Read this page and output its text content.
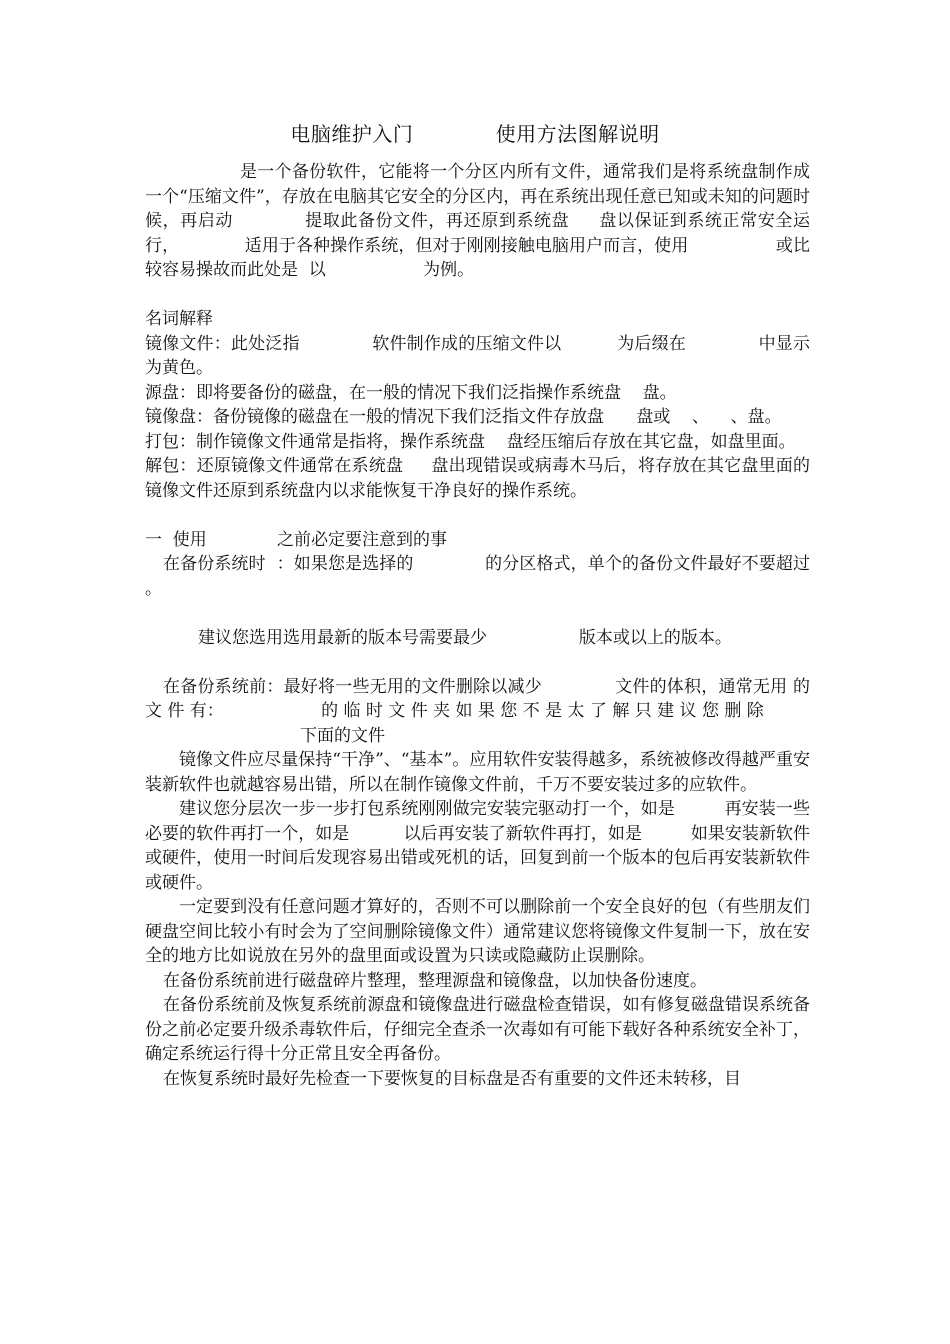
电脑维护入门            使用方法图解说明

是一个备份软件，它能将一个分区内所有文件，通常我们是将系统盘制作成一个“压缩文件”，存放在电脑其它安全的分区内，再在系统出现任意已知或未知的问题时候，再启动            提取此备份文件，再还原到系统盘     盘以保证到系统正常安全运行，            适用于各种操作系统，但对于刚刚接触电脑用户而言，使用                或比较容易操故而此处是  以                  为例。

名词解释

镜像文件：此处泛指             软件制作成的压缩文件以          为后缀在             中显示为黄色。

源盘：即将要备份的磁盘，在一般的情况下我们泛指操作系统盘    盘。

镜像盘：备份镜像的磁盘在一般的情况下我们泛指文件存放盘      盘或    、    、盘。

打包：制作镜像文件通常是指将，操作系统盘    盘经压缩后存放在其它盘，如盘里面。

解包：还原镜像文件通常在系统盘     盘出现错误或病毒木马后，将存放在其它盘里面的镜像文件还原到系统盘内以求能恢复干净良好的操作系统。

一  使用             之前必定要注意到的事

在备份系统时  ：如果您是选择的             的分区格式，单个的备份文件最好不要超过        。

建议您选用选用最新的版本号需要最少                 版本或以上的版本。

在备份系统前：最好将一些无用的文件删除以减少             文件的体积，通常无用 的 文 件 有：                  的 临 时 文 件 夹 如 果 您 不 是 太 了 解 只 建 议 您 删 除

下面的文件

镜像文件应尽量保持“干净”、“基本”。应用软件安装得越多，系统被修改得越严重安装新软件也就越容易出错，所以在制作镜像文件前，千万不要安装过多的应软件。

建议您分层次一步一步打包系统刚刚做完安装完驱动打一个，如是         再安装一些必要的软件再打一个，如是          以后再安装了新软件再打，如是         如果安装新软件或硬件，使用一时间后发现容易出错或死机的话，回复到前一个版本的包后再安装新软件或硬件。

一定要到没有任意问题才算好的，否则不可以删除前一个安全良好的包（有些朋友们硬盘空间比较小有时会为了空间删除镜像文件）通常建议您将镜像文件复制一下，放在安全的地方比如说放在另外的盘里面或设置为只读或隐藏防止误删除。

在备份系统前进行磁盘碎片整理，整理源盘和镜像盘，以加快备份速度。

在备份系统前及恢复系统前源盘和镜像盘进行磁盘检查错误，如有修复磁盘错误系统备份之前必定要升级杀毒软件后，仔细完全查杀一次毒如有可能下载好各种系统安全补丁，确定系统运行得十分正常且安全再备份。

在恢复系统时最好先检查一下要恢复的目标盘是否有重要的文件还未转移，目
